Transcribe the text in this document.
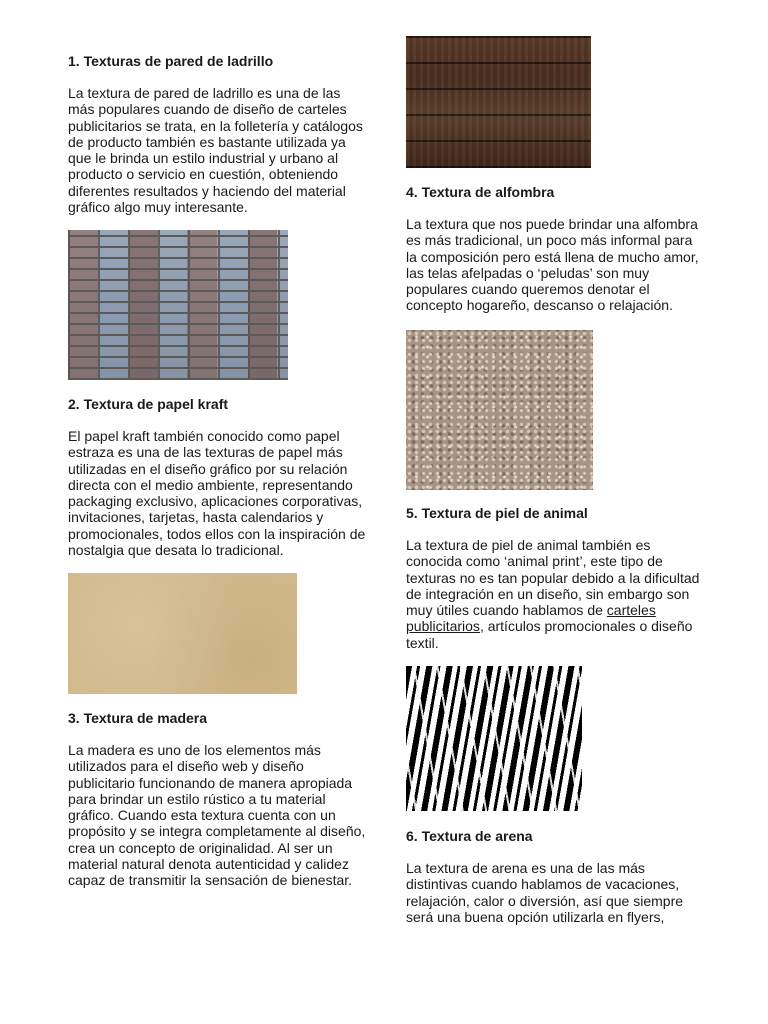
1. Texturas de pared de ladrillo
La textura de pared de ladrillo es una de las
más populares cuando de diseño de carteles
publicitarios se trata, en la folletería y catálogos
de producto también es bastante utilizada ya
que le brinda un estilo industrial y urbano al
producto o servicio en cuestión, obteniendo
diferentes resultados y haciendo del material
gráfico algo muy interesante.
2. Textura de papel kraft
El papel kraft también conocido como papel
estraza es una de las texturas de papel más
utilizadas en el diseño gráfico por su relación
directa con el medio ambiente, representando
packaging exclusivo, aplicaciones corporativas,
invitaciones, tarjetas, hasta calendarios y
promocionales, todos ellos con la inspiración de
nostalgia que desata lo tradicional.
3. Textura de madera
La madera es uno de los elementos más
utilizados para el diseño web y diseño
publicitario funcionando de manera apropiada
para brindar un estilo rústico a tu material
gráfico. Cuando esta textura cuenta con un
propósito y se integra completamente al diseño,
crea un concepto de originalidad. Al ser un
material natural denota autenticidad y calidez
capaz de transmitir la sensación de bienestar.
4. Textura de alfombra
La textura que nos puede brindar una alfombra
es más tradicional, un poco más informal para
la composición pero está llena de mucho amor,
las telas afelpadas o ‘peludas’ son muy
populares cuando queremos denotar el
concepto hogareño, descanso o relajación.
5. Textura de piel de animal
La textura de piel de animal también es
conocida como ‘animal print’, este tipo de
texturas no es tan popular debido a la dificultad
de integración en un diseño, sin embargo son
muy útiles cuando hablamos de carteles
publicitarios, artículos promocionales o diseño
textil.
6. Textura de arena
La textura de arena es una de las más
distintivas cuando hablamos de vacaciones,
relajación, calor o diversión, así que siempre
será una buena opción utilizarla en flyers,
